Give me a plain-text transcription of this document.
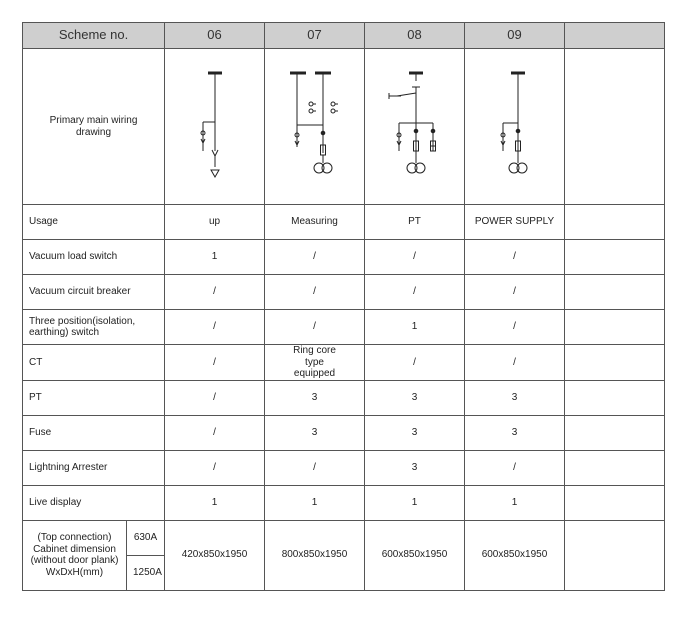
Scheme no.		06	07	08	09	
Primary main wiring drawing	

Usage		up	Measuring	PT	POWER SUPPLY	
Vacuum load switch		1	/	/	/	
Vacuum circuit breaker		/	/	/	/	
Three position(isolation, earthing) switch		/	/	1	/	
CT		/	Ring core type equipped	/	/	
PT		/	3	3	3	
Fuse		/	3	3	3	
Lightning Arrester		/	/	3	/	
Live display		1	1	1	1	
(Top connection) Cabinet dimension (without door plank) WxDxH(mm)	630A	420x850x1950	800x850x1950	600x850x1950	600x850x1950	
	1250A					
